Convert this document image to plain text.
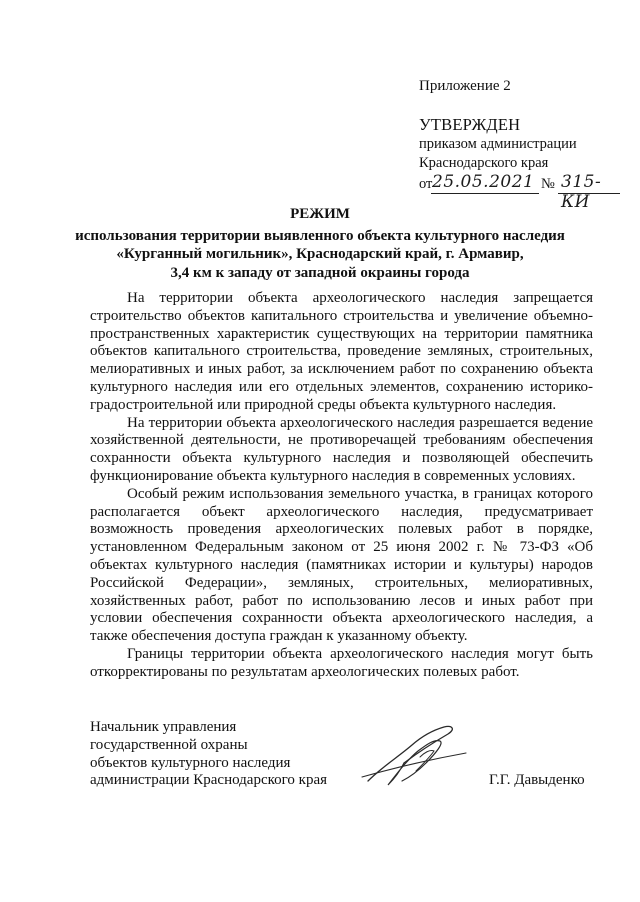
Приложение 2
УТВЕРЖДЕН
приказом администрации
Краснодарского края
от 25.05.2021 № 315-КИ
РЕЖИМ
использования территории выявленного объекта культурного наследия
«Курганный могильник», Краснодарский край, г. Армавир,
3,4 км к западу от западной окраины города

На территории объекта археологического наследия запрещается строительство объектов капитального строительства и увеличение объемно-пространственных характеристик существующих на территории памятника объектов капитального строительства, проведение земляных, строительных, мелиоративных и иных работ, за исключением работ по сохранению объекта культурного наследия или его отдельных элементов, сохранению историко-градостроительной или природной среды объекта культурного наследия.

На территории объекта археологического наследия разрешается ведение хозяйственной деятельности, не противоречащей требованиям обеспечения сохранности объекта культурного наследия и позволяющей обеспечить функционирование объекта культурного наследия в современных условиях.

Особый режим использования земельного участка, в границах которого располагается объект археологического наследия, предусматривает возможность проведения археологических полевых работ в порядке, установленном Федеральным законом от 25 июня 2002 г. № 73-ФЗ «Об объектах культурного наследия (памятниках истории и культуры) народов Российской Федерации», земляных, строительных, мелиоративных, хозяйственных работ, работ по использованию лесов и иных работ при условии обеспечения сохранности объекта археологического наследия, а также обеспечения доступа граждан к указанному объекту.

Границы территории объекта археологического наследия могут быть откорректированы по результатам археологических полевых работ.

Начальник управления
государственной охраны
объектов культурного наследия
администрации Краснодарского края	Г.Г. Давыденко
